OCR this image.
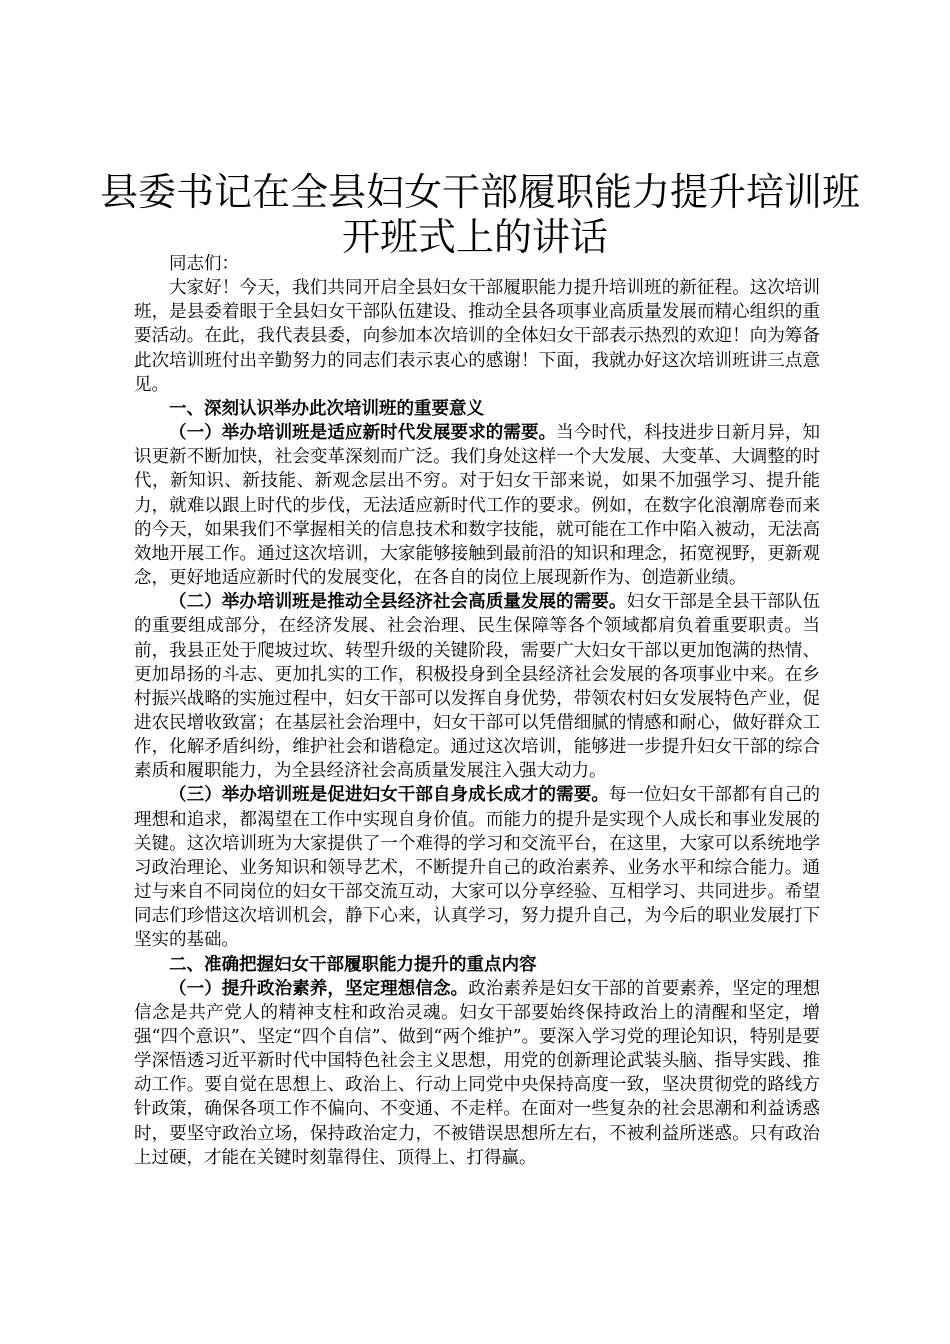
县委书记在全县妇女干部履职能力提升培训班
开班式上的讲话

同志们：

大家好！今天，我们共同开启全县妇女干部履职能力提升培训班的新征程。这次培训班，是县委着眼于全县妇女干部队伍建设、推动全县各项事业高质量发展而精心组织的重要活动。在此，我代表县委，向参加本次培训的全体妇女干部表示热烈的欢迎！向为筹备此次培训班付出辛勤努力的同志们表示衷心的感谢！下面，我就办好这次培训班讲三点意见。

一、深刻认识举办此次培训班的重要意义

（一）举办培训班是适应新时代发展要求的需要。当今时代，科技进步日新月异，知识更新不断加快，社会变革深刻而广泛。我们身处这样一个大发展、大变革、大调整的时代，新知识、新技能、新观念层出不穷。对于妇女干部来说，如果不加强学习、提升能力，就难以跟上时代的步伐，无法适应新时代工作的要求。例如，在数字化浪潮席卷而来的今天，如果我们不掌握相关的信息技术和数字技能，就可能在工作中陷入被动，无法高效地开展工作。通过这次培训，大家能够接触到最前沿的知识和理念，拓宽视野，更新观念，更好地适应新时代的发展变化，在各自的岗位上展现新作为、创造新业绩。

（二）举办培训班是推动全县经济社会高质量发展的需要。妇女干部是全县干部队伍的重要组成部分，在经济发展、社会治理、民生保障等各个领域都肩负着重要职责。当前，我县正处于爬坡过坎、转型升级的关键阶段，需要广大妇女干部以更加饱满的热情、更加昂扬的斗志、更加扎实的工作，积极投身到全县经济社会发展的各项事业中来。在乡村振兴战略的实施过程中，妇女干部可以发挥自身优势，带领农村妇女发展特色产业，促进农民增收致富；在基层社会治理中，妇女干部可以凭借细腻的情感和耐心，做好群众工作，化解矛盾纠纷，维护社会和谐稳定。通过这次培训，能够进一步提升妇女干部的综合素质和履职能力，为全县经济社会高质量发展注入强大动力。

（三）举办培训班是促进妇女干部自身成长成才的需要。每一位妇女干部都有自己的理想和追求，都渴望在工作中实现自身价值。而能力的提升是实现个人成长和事业发展的关键。这次培训班为大家提供了一个难得的学习和交流平台，在这里，大家可以系统地学习政治理论、业务知识和领导艺术，不断提升自己的政治素养、业务水平和综合能力。通过与来自不同岗位的妇女干部交流互动，大家可以分享经验、互相学习、共同进步。希望同志们珍惜这次培训机会，静下心来，认真学习，努力提升自己，为今后的职业发展打下坚实的基础。

二、准确把握妇女干部履职能力提升的重点内容

（一）提升政治素养，坚定理想信念。政治素养是妇女干部的首要素养，坚定的理想信念是共产党人的精神支柱和政治灵魂。妇女干部要始终保持政治上的清醒和坚定，增强“四个意识”、坚定“四个自信”、做到“两个维护”。要深入学习党的理论知识，特别是要学深悟透习近平新时代中国特色社会主义思想，用党的创新理论武装头脑、指导实践、推动工作。要自觉在思想上、政治上、行动上同党中央保持高度一致，坚决贯彻党的路线方针政策，确保各项工作不偏向、不变通、不走样。在面对一些复杂的社会思潮和利益诱惑时，要坚守政治立场，保持政治定力，不被错误思想所左右，不被利益所迷惑。只有政治上过硬，才能在关键时刻靠得住、顶得上、打得赢。
